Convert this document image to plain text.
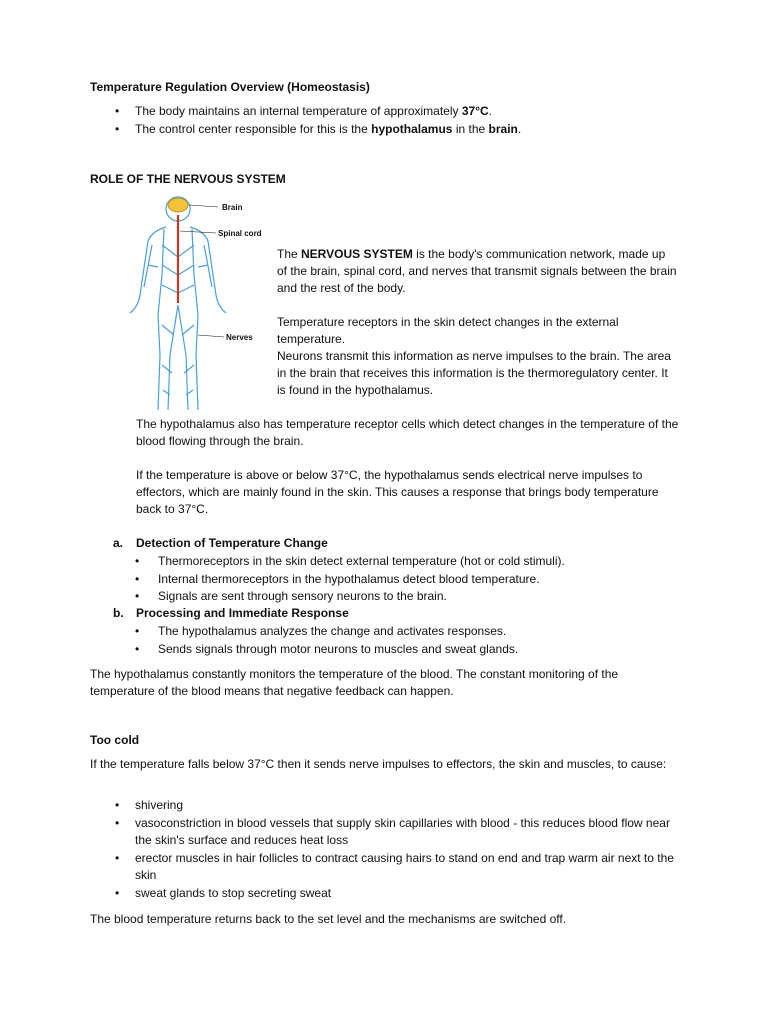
Temperature Regulation Overview (Homeostasis)

• The body maintains an internal temperature of approximately 37°C.
• The control center responsible for this is the hypothalamus in the brain.

ROLE OF THE NERVOUS SYSTEM

Brain
Spinal cord
Nerves

The NERVOUS SYSTEM is the body's communication network, made up of the brain, spinal cord, and nerves that transmit signals between the brain and the rest of the body.

Temperature receptors in the skin detect changes in the external temperature.

Neurons transmit this information as nerve impulses to the brain. The area in the brain that receives this information is the thermoregulatory center. It is found in the hypothalamus.

The hypothalamus also has temperature receptor cells which detect changes in the temperature of the blood flowing through the brain.

If the temperature is above or below 37°C, the hypothalamus sends electrical nerve impulses to effectors, which are mainly found in the skin. This causes a response that brings body temperature back to 37°C.

a. Detection of Temperature Change
• Thermoreceptors in the skin detect external temperature (hot or cold stimuli).
• Internal thermoreceptors in the hypothalamus detect blood temperature.
• Signals are sent through sensory neurons to the brain.
b. Processing and Immediate Response
• The hypothalamus analyzes the change and activates responses.
• Sends signals through motor neurons to muscles and sweat glands.

The hypothalamus constantly monitors the temperature of the blood. The constant monitoring of the temperature of the blood means that negative feedback can happen.

Too cold

If the temperature falls below 37°C then it sends nerve impulses to effectors, the skin and muscles, to cause:

• shivering
• vasoconstriction in blood vessels that supply skin capillaries with blood - this reduces blood flow near the skin's surface and reduces heat loss
• erector muscles in hair follicles to contract causing hairs to stand on end and trap warm air next to the skin
• sweat glands to stop secreting sweat

The blood temperature returns back to the set level and the mechanisms are switched off.
